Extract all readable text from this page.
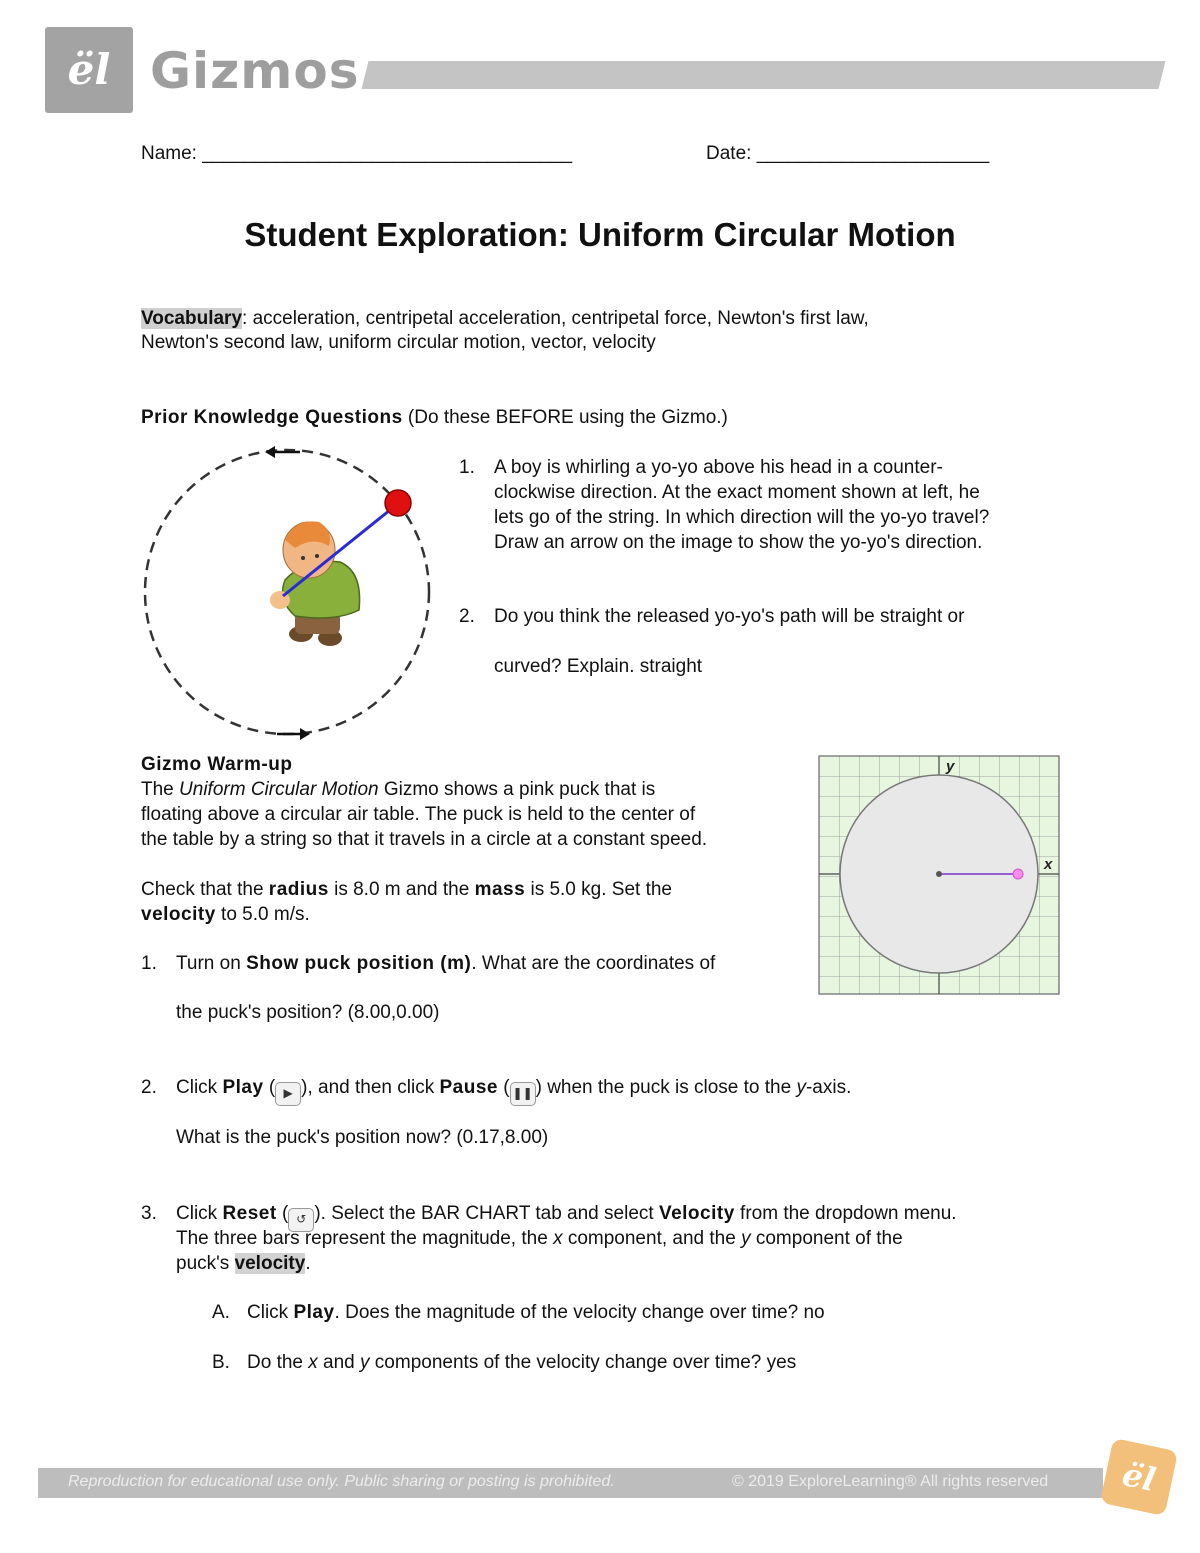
ël Gizmos
Name: ___________________________________	Date: ______________________
Student Exploration: Uniform Circular Motion
Vocabulary: acceleration, centripetal acceleration, centripetal force, Newton's first law,
Newton's second law, uniform circular motion, vector, velocity
Prior Knowledge Questions (Do these BEFORE using the Gizmo.)
1. A boy is whirling a yo-yo above his head in a counter-
clockwise direction. At the exact moment shown at left, he
lets go of the string. In which direction will the yo-yo travel?
Draw an arrow on the image to show the yo-yo's direction.
2. Do you think the released yo-yo's path will be straight or
curved? Explain. straight
Gizmo Warm-up
The Uniform Circular Motion Gizmo shows a pink puck that is
floating above a circular air table. The puck is held to the center of
the table by a string so that it travels in a circle at a constant speed.
Check that the radius is 8.0 m and the mass is 5.0 kg. Set the
velocity to 5.0 m/s.
y
x
1. Turn on Show puck position (m). What are the coordinates of
the puck's position? (8.00,0.00)
2. Click Play ( ▶ ), and then click Pause ( ❚❚ ) when the puck is close to the y-axis.
What is the puck's position now? (0.17,8.00)
3. Click Reset ( ↺ ). Select the BAR CHART tab and select Velocity from the dropdown menu.
The three bars represent the magnitude, the x component, and the y component of the
puck's velocity.
A. Click Play. Does the magnitude of the velocity change over time? no
B. Do the x and y components of the velocity change over time? yes
Reproduction for educational use only. Public sharing or posting is prohibited.	© 2019 ExploreLearning® All rights reserved	ël
